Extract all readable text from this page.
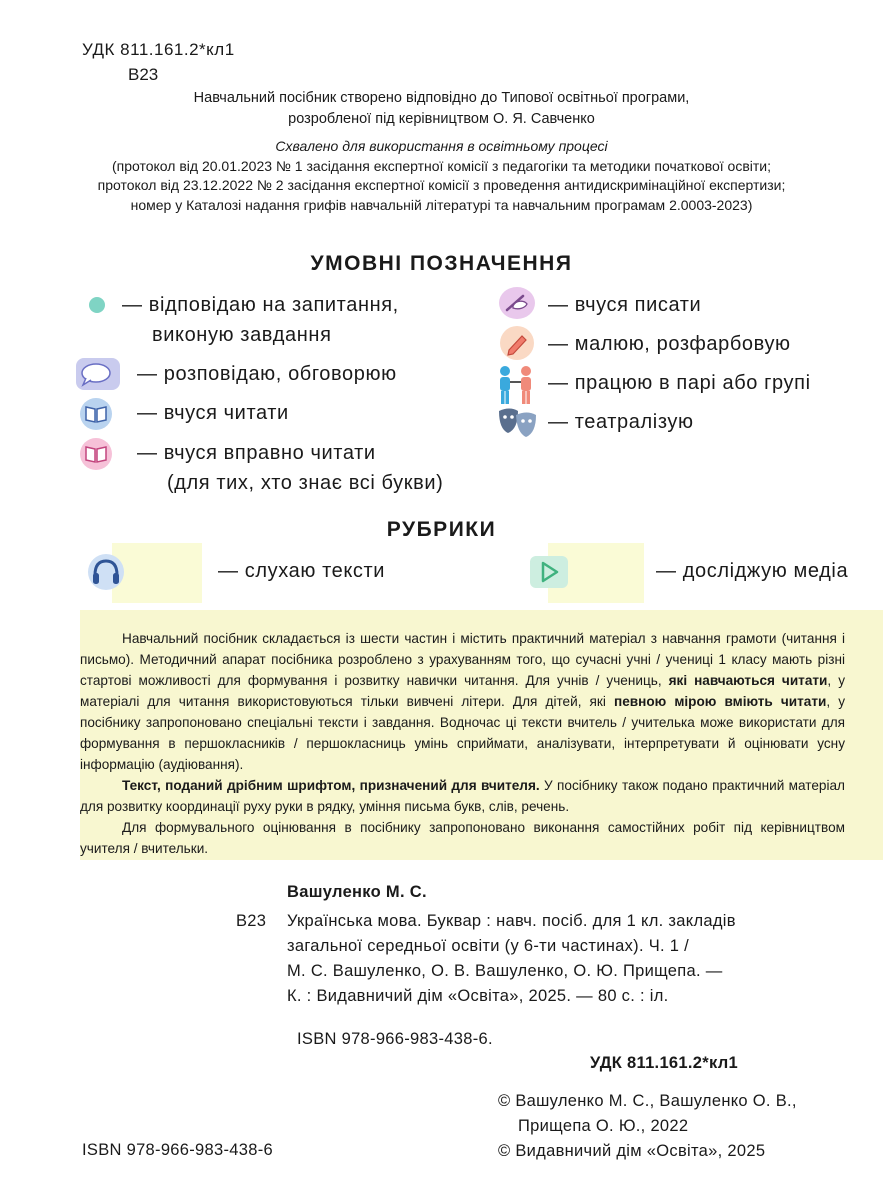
УДК 811.161.2*кл1
В23
Навчальний посібник створено відповідно до Типової освітньої програми,
розробленої під керівництвом О. Я. Савченко
Схвалено для використання в освітньому процесі
(протокол від 20.01.2023 № 1 засідання експертної комісії з педагогіки та методики початкової освіти;
протокол від 23.12.2022 № 2 засідання експертної комісії з проведення антидискримінаційної експертизи;
номер у Каталозі надання грифів навчальній літературі та навчальним програмам 2.0003-2023)
УМОВНІ ПОЗНАЧЕННЯ
— відповідаю на запитання,
виконую завдання
— розповідаю, обговорюю
— вчуся читати
— вчуся вправно читати
(для тих, хто знає всі букви)
— вчуся писати
— малюю, розфарбовую
— працюю в парі або групі
— театралізую
РУБРИКИ
— слухаю тексти	— досліджую медіа

Навчальний посібник складається із шести частин і містить практичний матеріал з навчання грамоти (читання і письмо). Методичний апарат посібника розроблено з урахуванням того, що сучасні учні / учениці 1 класу мають різні стартові можливості для формування і розвитку навички читання. Для учнів / учениць, які навчаються читати, у матеріалі для читання використовуються тільки вивчені літери. Для дітей, які певною мірою вміють читати, у посібнику запропоновано спеціальні тексти і завдання. Водночас ці тексти вчитель / учителька може використати для формування в першокласників / першокласниць умінь сприймати, аналізувати, інтерпретувати й оцінювати усну інформацію (аудіювання).

Текст, поданий дрібним шрифтом, призначений для вчителя. У посібнику також подано практичний матеріал для розвитку координації руху руки в рядку, уміння письма букв, слів, речень.

Для формувального оцінювання в посібнику запропоновано виконання самостійних робіт під керівництвом учителя / вчительки.

Вашуленко М. С.
В23 Українська мова. Буквар : навч. посіб. для 1 кл. закладів
загальної середньої освіти (у 6-ти частинах). Ч. 1 /
М. С. Вашуленко, О. В. Вашуленко, О. Ю. Прищепа. —
К. : Видавничий дім «Освіта», 2025. — 80 с. : іл.
ISBN 978-966-983-438-6.
УДК 811.161.2*кл1
ISBN 978-966-983-438-6
© Вашуленко М. С., Вашуленко О. В.,
Прищепа О. Ю., 2022
© Видавничий дім «Освіта», 2025
